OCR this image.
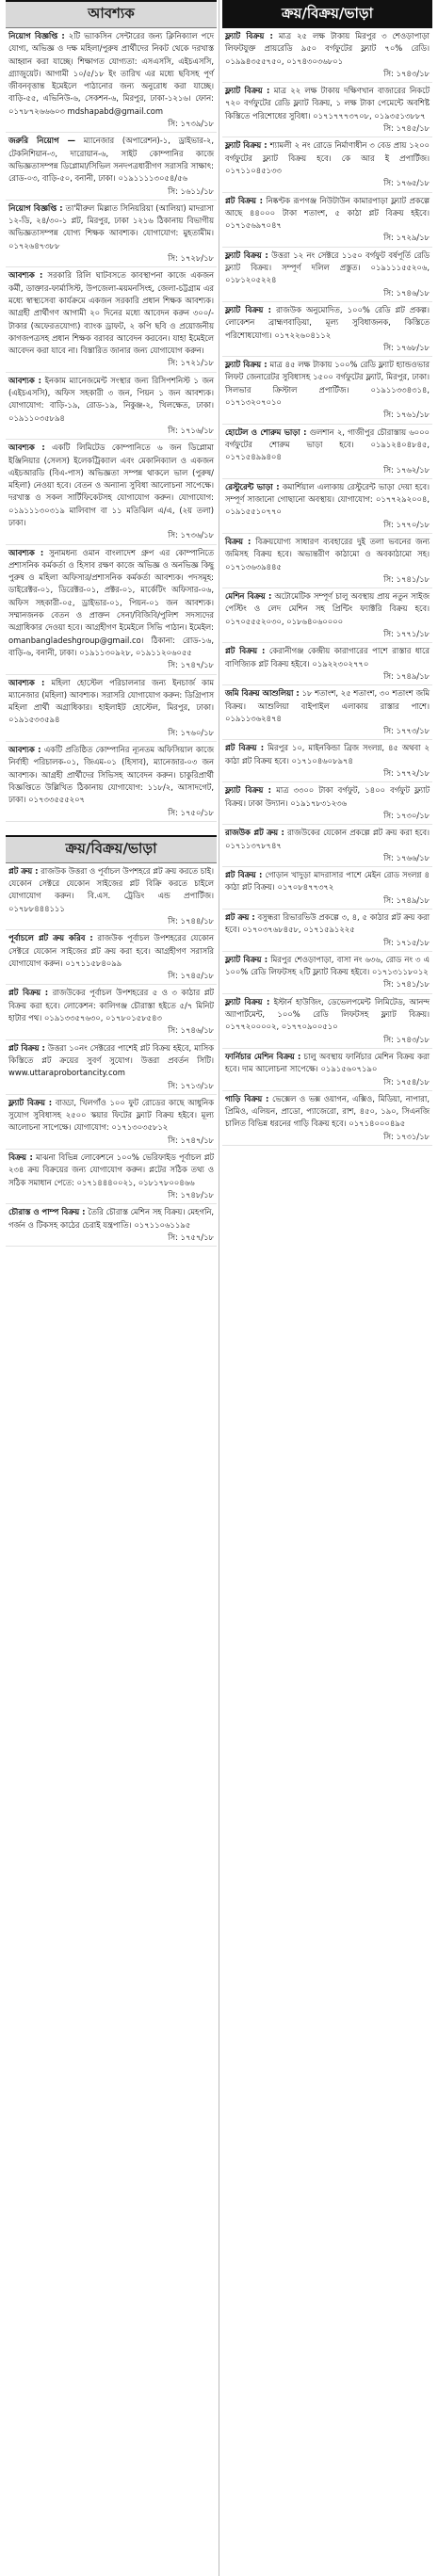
আবশ্যক
নিয়োগ বিজ্ঞপ্তি : ২টি ভ্যাকসিন সেন্টারের জন্য ক্লিনিক্যাল পদে যোগ্য, অভিজ্ঞ ও দক্ষ মহিলা/পুরুষ প্রার্থীদের নিকট থেকে দরখাস্ত আহ্বান করা যাচ্ছে। শিক্ষাগত যোগ্যতা: এসএসসি, এইচএসসি, গ্র্যাজুয়েট। আগামী ১০/৫/১৮ ইং তারিখ এর মধ্যে ছবিসহ পূর্ণ জীবনবৃত্তান্ত ইমেইলে পাঠানোর জন্য অনুরোধ করা যাচ্ছে। বাড়ি-৫৫, এভিনিউ-৬, সেকশন-৬, মিরপুর, ঢাকা-১২১৬। ফোন: ০১৭৮৭২৬৬৬০৩ mdshapabd@gmail.com
সি: ১৭৩৯/১৮
জরুরি নিয়োগ — ম্যানেজার (অপারেশন)-১, ড্রাইভার-২, টেকনিশিয়ান-৩, দারোয়ান-৬, সাইট কোম্পানির কাজে অভিজ্ঞতাসম্পন্ন ডিপ্লোমা/সিভিল সনদপত্রধারীগণ সরাসরি সাক্ষাৎ: রোড-০৩, বাড়ি-৫০, বনানী, ঢাকা। ০১৯১১১১৩০৫৪/৫৬
সি: ১৬১১/১৮
নিয়োগ বিজ্ঞপ্তি : তা'মীরুল মিল্লাত সিনিয়রিয়া (আলিয়া) মাদরাসা ১২-ডি, ২৪/৩০-১ প্লট, মিরপুর, ঢাকা ১২১৬ ঠিকানায় বিভাগীয় অভিজ্ঞতাসম্পন্ন যোগ্য শিক্ষক আবশ্যক। যোগাযোগ: মুহতামীম। ০১৭২৬৪৭৩৮৮
সি: ১৭২৮/১৮
আবশ্যক : সরকারি রিলি ঘাটবসতে কাবস্থাপনা কাজে একজন কর্মী, ডাক্তার-ফার্মাসিস্ট, উপজেলা-ময়মনসিংহ, জেলা-চট্টগ্রাম এর মধ্যে স্বাস্থ্যসেবা কার্যক্রমে একজন সরকারি প্রধান শিক্ষক আবশ্যক। আগ্রহী প্রার্থীগণ আগামী ২০ দিনের মধ্যে আবেদন করুন ৩০০/- টাকার (অফেরতযোগ্য) ব্যাংক ড্রাফট, ২ কপি ছবি ও প্রয়োজনীয় কাগজপত্রসহ প্রধান শিক্ষক বরাবর আবেদন করবেন। যাহা ইমেইলে আবেদন করা যাবে না। বিস্তারিত জানার জন্য যোগাযোগ করুন।
সি: ১৭২১/১৮
আবশ্যক : ইনকাম ম্যানেজমেন্ট সংস্থার জন্য রিসিপশনিস্ট ১ জন (এইচএসসি), অফিস সহকারী ৩ জন, পিয়ন ১ জন আবশ্যক। যোগাযোগ: বাড়ি-১৯, রোড-১৯, নিকুঞ্জ-২, খিলক্ষেত, ঢাকা। ০১৯১১০৩৫৮৯৪
সি: ১৭১৬/১৮
আবশ্যক : একটি লিমিটেড কোম্পানিতে ৬ জন ডিপ্লোমা ইঞ্জিনিয়ার (সেলস) ইলেকট্রিক্যাল এবং মেকানিক্যাল ও একজন এইচআরডি (বিএ-পাস) অভিজ্ঞতা সম্পন্ন থাকলে ভাল (পুরুষ/মহিলা) নেওয়া হবে। বেতন ও অন্যান্য সুবিধা আলোচনা সাপেক্ষে। দরখাস্ত ও সকল সার্টিফিকেটসহ যোগাযোগ করুন। যোগাযোগ: ০১৯১১১৩০৩১৯ মালিবাগ বা ১১ মতিঝিল এ/এ, (২য় তলা) ঢাকা।
সি: ১৭৩৬/১৮
আবশ্যক : সুনামধন্য ওমান বাংলাদেশ গ্রুপ এর কোম্পানিতে প্রশাসনিক কর্মকর্তা ও হিসাব রক্ষণ কাজে অভিজ্ঞ ও অনভিজ্ঞ কিছু পুরুষ ও মহিলা অফিসার/প্রশাসনিক কর্মকর্তা আবশ্যক। পদসমূহ: ডাইরেক্টর-০১, ডিরেক্টর-০১, প্রক্টর-০১, মার্কেটিং অফিসার-০৬, অফিস সহকারী-০৫, ড্রাইভার-০১, পিয়ন-০১ জন আবশ্যক। সম্মানজনক বেতন ও প্রাক্তন সেনা/বিজিবি/পুলিশ সদস্যদের অগ্রাধিকার দেওয়া হবে। আগ্রহীগণ ইমেইলে সিভি পাঠান। ইমেইল: omanbangladeshgroup@gmail.co। ঠিকানা: রোড-১৬, বাড়ি-৬, বনানী, ঢাকা। ০১৯১১৩০৯২৮, ০১৯১১২০৬০৫৫
সি: ১৭৪৭/১৮
আবশ্যক : মহিলা হোস্টেল পরিচালনার জন্য ইনচার্জ কাম ম্যানেজার (মহিলা) আবশ্যক। সরাসরি যোগাযোগ করুন: ডিগ্রিপাস মহিলা প্রার্থী অগ্রাধিকার। হাইলাইট হোস্টেল, মিরপুর, ঢাকা। ০১৯১৫৩৩৫৯৪
সি: ১৭৬০/১৮
আবশ্যক : একটি প্রতিষ্ঠিত কোম্পানির ন্যূনতম অফিসিয়াল কাজে নির্বাহী পরিচালক-০১, জিএম-০১ (হিসাব), ম্যানেজার-০৩ জন আবশ্যক। আগ্রহী প্রার্থীদের সিভিসহ আবেদন করুন। চাকুরিপ্রার্থী বিজ্ঞপ্তিতে উল্লিখিত ঠিকানায় যোগাযোগ: ১১৮/২, আসাদগেট, ঢাকা। ০১৭৩৩৫৫৫২০৭
সি: ১৭৫০/১৮
ক্রয়/বিক্রয়/ভাড়া
প্লট ক্রয় : রাজউক উত্তরা ও পূর্বাচল উপশহরে প্লট ক্রয় করতে চাই। যেকোন সেক্টরে যেকোন সাইজের প্লট বিক্রি করতে চাইলে যোগাযোগ করুন। বি.এস. ট্রেডিং এন্ড প্রপার্টিজ। ০১৭৮৮৪৪৪১১১
সি: ১৭৪৪/১৮
পূর্বাচলে প্লট ক্রয় করিব : রাজউক পূর্বাচল উপশহরের যেকোন সেক্টরে যেকোন সাইজের প্লট ক্রয় করা হবে। আগ্রহীগণ সরাসরি যোগাযোগ করুন। ০১৭১১৫৮৪০৯৯
সি: ১৭৪৫/১৮
প্লট বিক্রয় : রাজউকের পূর্বাচল উপশহরের ৫ ও ৩ কাঠার প্লট বিক্রয় করা হবে। লোকেশন: কালিগঞ্জ চৌরাস্তা হইতে ৫/৭ মিনিট হাটার পথ। ০১৯১৩৩৫৭৬৩০, ০১৭৮০১৫৮৫৪৩
সি: ১৭৪৬/১৮
প্লট বিক্রয় : উত্তরা ১০নং সেক্টরের পাশেই প্লট বিক্রয় হইবে, মাসিক কিস্তিতে প্লট ক্রয়ের সুবর্ণ সুযোগ। উত্তরা প্রবর্তন সিটি। www.uttaraprobortancity.com
সি: ১৭১৩/১৮
ফ্ল্যাট বিক্রয় : বাড্ডা, খিলগাঁও ১০০ ফুট রোডের কাছে আধুনিক সুযোগ সুবিধাসহ ২৫০০ স্কয়ার ফিটের ফ্ল্যাট বিক্রয় হইবে। মূল্য আলোচনা সাপেক্ষে। যোগাযোগ: ০১৭১৩০৩৫৮১২
সি: ১৭৪৭/১৮
বিক্রয় : মাঝনা বিভিন্ন লোকেশনে ১০০% ভেরিফাইড পূর্বাচল প্লট ২৩৪ ক্রয় বিক্রয়ের জন্য যোগাযোগ করুন। প্লটের সঠিক তথ্য ও সঠিক সমাধান পেতে: ০১৭১৪৪৪০০২১, ০১৮১৭৮০০৪৬৬
সি: ১৭৪৮/১৮
চৌরাস্ত ও পাম্প বিক্রয় : তৈরি চৌরাস্ত মেশিন সহ বিক্রয়। মেহগনি, গর্জন ও টিকসহ কাঠের চেরাই যন্ত্রপাতি। ০১৭১১০৬১১৯৫
সি: ১৭৫৭/১৮
ক্রয়/বিক্রয়/ভাড়া
ফ্ল্যাট বিক্রয় : মাত্র ২৫ লক্ষ টাকায় মিরপুর ৩ শেওড়াপাড়া লিফটযুক্ত প্রায়রেডি ৯৫০ বর্গফুটের ফ্ল্যাট ৭০% রেডি। ০১৯৯৪৩৫৫৭৫০, ০১৭৪৩০৩৬৮০১
সি: ১৭৪৩/১৮
ফ্ল্যাট বিক্রয় : মাত্র ২২ লক্ষ টাকায় দক্ষিণখান বাজারের নিকটে ৭২০ বর্গফুটের রেডি ফ্ল্যাট বিক্রয়, ১ লক্ষ টাকা পেমেন্টে অবশিষ্ট কিস্তিতে পরিশোধের সুবিধা। ০১৭১৭৭৭৩৭০৮, ০১৯৩৫১৩৮৮৭
সি: ১৭৪৫/১৮
ফ্ল্যাট বিক্রয় : শ্যামলী ২ নং রোডে নির্মাণাধীন ৩ বেড প্রায় ১২০০ বর্গফুটের ফ্ল্যাট বিক্রয় হবে। কে আর ই প্রপার্টিজ। ০১৭১১০৪৫১৩৩
সি: ১৭৬৫/১৮
প্লট বিক্রয় : নিষ্কণ্টক রূপগঞ্জ নিউটাউন কামারপাড়া ফ্ল্যাট প্রকল্পে আছে ৪৪০০০ টাকা শতাংশ, ৫ কাঠা প্লট বিক্রয় হইবে। ০১৭১৫৬৯৭০৪৭
সি: ১৭২৯/১৮
ফ্ল্যাট বিক্রয় : উত্তরা ১২ নং সেক্টরে ১১৫০ বর্গফুট বর্ষপূর্তি রেডি ফ্ল্যাট বিক্রয়। সম্পূর্ণ দলিল প্রস্তুত। ০১৯১১১৫৫২০৬, ০১৮১২০৫২২৪
সি: ১৭৪৬/১৮
ফ্ল্যাট বিক্রয় : রাজউক অনুমোদিত, ১০০% রেডি প্লট প্রকল্প। লোকেশন ব্রাহ্মণবাড়িয়া, মূল্য সুবিধাজনক, কিস্তিতে পরিশোধযোগ্য। ০১৭২২৬০৪১১২
সি: ১৭৬৮/১৮
ফ্ল্যাট বিক্রয় : মাত্র ৪৫ লক্ষ টাকায় ১০০% রেডি ফ্ল্যাট হ্যান্ডওভার লিফট জেনারেটর সুবিধাসহ ১৫০০ বর্গফুটের ফ্ল্যাট, মিরপুর, ঢাকা। সিলভার ক্রিস্টাল প্রপার্টিজ। ০১৯১১৩৩৪৩১৪, ০১৭১৩২০৭০১০
সি: ১৭৬১/১৮
হোটেল ও শোরুম ভাড়া : গুলশান ২, গাজীপুর চৌরাস্তায় ৬০০০ বর্গফুটের শোরুম ভাড়া হবে। ০১৯১২৪০৪৮৪৫, ০১৭১৫৪৯৯৪০৪
সি: ১৭৬২/১৮
রেস্টুরেন্ট ভাড়া : কমার্শিয়াল এলাকায় রেস্টুরেন্ট ভাড়া দেয়া হবে। সম্পূর্ণ সাজানো গোছানো অবস্থায়। যোগাযোগ: ০১৭৭২৯২০০৪, ০১৯১৫৫১০৭৭০
সি: ১৭৭০/১৮
বিক্রয় : বিক্রয়যোগ্য সাধারণ ব্যবহারের দুই তলা ভবনের জন্য জমিসহ বিক্রয় হবে। অভ্যন্তরীণ কাঠামো ও অবকাঠামো সহ। ০১৭১৩৬৩৯৪৪৫
সি: ১৭৪১/১৮
মেশিন বিক্রয় : অটোমেটিক সম্পূর্ণ চালু অবস্থায় প্রায় নতুন সাইজ পেস্টিং ও লেদ মেশিন সহ প্রিন্টিং ফ্যাক্টরি বিক্রয় হবে। ০১৭০৫৫৫২০৩০, ০১৮৬৪০৬০০০০
সি: ১৭৭১/১৮
প্লট বিক্রয় : কেরানীগঞ্জ কেন্দ্রীয় কারাগারের পাশে রাস্তার ধারে বাণিজ্যিক প্লট বিক্রয় হইবে। ০১৯২২৩০২৭৭০
সি: ১৭৪৯/১৮
জমি বিক্রয় আশুলিয়া : ১৮ শতাংশ, ২৫ শতাংশ, ৩০ শতাংশ জমি বিক্রয়। আশুলিয়া বাইপাইল এলাকায় রাস্তার পাশে। ০১৯১১৩৬২৪৭৪
সি: ১৭৭৩/১৮
প্লট বিক্রয় : মিরপুর ১০, মাইনকিন্ডা ব্রিজ সংলগ্ন, ৪৫ অথবা ২ কাঠা প্লট বিক্রয় হবে। ০১৭১০৪৬০৮৯৭৪
সি: ১৭৭২/১৮
ফ্ল্যাট বিক্রয় : মাত্র ৩৩০০ টাকা বর্গফুট, ১৪০০ বর্গফুট ফ্ল্যাট বিক্রয়। ঢাকা উদ্যান। ০১৯১৭৮৩১২৩৬
সি: ১৭৩০/১৮
রাজউক প্লট ক্রয় : রাজউকের যেকোন প্রকল্পে প্লট ক্রয় করা হবে। ০১৭১১৩৭৮৭৪৭
সি: ১৭৬৬/১৮
প্লট বিক্রয় : গোড়ান খাদুড়া মাদরাসার পাশে মেইন রোড সংলগ্ন ৪ কাঠা প্লট বিক্রয়। ০১৭০৮৪৭৭৩৭২
সি: ১৭৪৯/১৮
প্লট ক্রয় : বসুন্ধরা রিভারভিউ প্রকল্পে ৩, ৪, ৫ কাঠার প্লট ক্রয় করা হবে। ০১৭০৩৭৬৮৪৫৮, ০১৭১৫৯১২২৫
সি: ১৭১৫/১৮
ফ্ল্যাট বিক্রয় : মিরপুর শেওড়াপাড়া, বাসা নং ৬৩৬, রোড নং ৩ এ ১০০% রেডি লিফটসহ ২টি ফ্ল্যাট বিক্রয় হইবে। ০১৭১৩১১৮০১২
সি: ১৭৪১/১৮
ফ্ল্যাট বিক্রয় : ইস্টার্ন হাউজিং, ডেভেলপমেন্ট লিমিটেড, আনন্দ অ্যাপার্টমেন্ট, ১০০% রেডি লিফটসহ ফ্ল্যাট বিক্রয়। ০১৭৭২০০০০২, ০১৭৭০৯০০৫১০
সি: ১৭৪৩/১৮
ফার্নিচার মেশিন বিক্রয় : চালু অবস্থায় ফার্নিচার মেশিন বিক্রয় করা হবে। দাম আলোচনা সাপেক্ষে। ০১৯১৫৬০৭১৯০
সি: ১৭৫৪/১৮
গাড়ি বিক্রয় : ভেক্সেল ও ভক্স ওয়াগন, এক্সিও, মিডিয়া, নাপারা, প্রিমিও, এলিয়ন, প্রাডো, প্যাজেরো, রাশ, ৪৫০, ১৯০, সিএনজি চালিত বিভিন্ন ধরনের গাড়ি বিক্রয় হবে। ০১৭১৪০০০৪৯৫
সি: ১৭৩১/১৮
